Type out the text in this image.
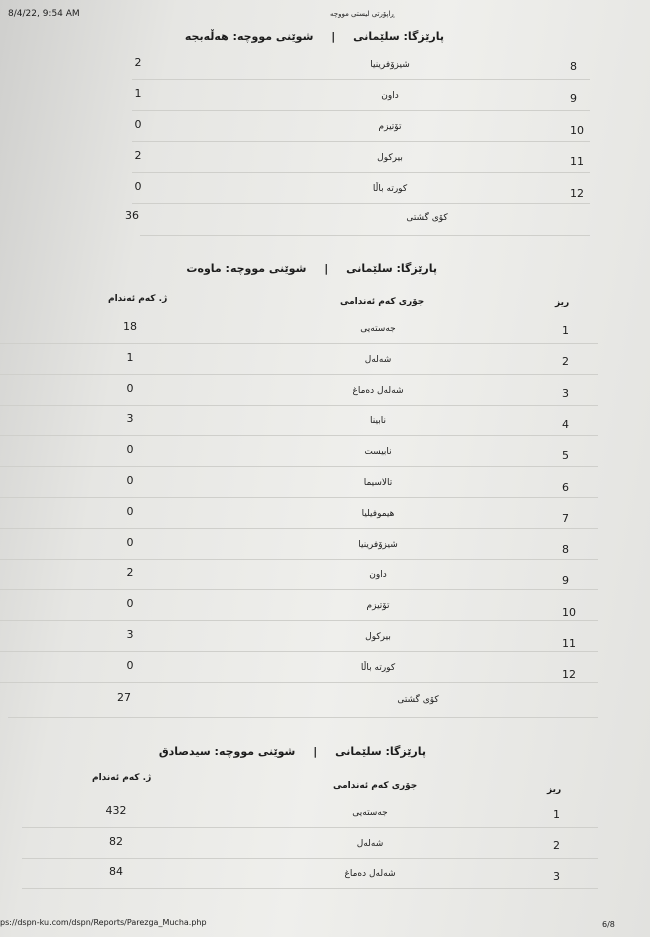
8/4/22, 9:54 AM	ڕاپۆرتی لیستی مووچە
پارێزگا: سلێمانی | شوێنی مووچە: هەڵەبجە
8
شیزۆفرینیا
2
9
داون
1
10
تۆتیزم
0
11
بیرکول
2
12
کورتە باڵا
0
کۆی گشتی
36
پارێزگا: سلێمانی | شوێنی مووچە: ماوەت
ریز
جۆری کەم ئەندامی
ژ. کەم ئەندام
1
جەستەیی
18
2
شەلەل
1
3
شەلەل دەماغ
0
4
نابینا
3
5
نابیست
0
6
تالاسیما
0
7
هیموفیلیا
0
8
شیزۆفرینیا
0
9
داون
2
10
تۆتیزم
0
11
بیرکول
3
12
کورتە باڵا
0
کۆی گشتی
27
پارێزگا: سلێمانی | شوێنی مووچە: سیدصادق
ریز
جۆری کەم ئەندامی
ژ. کەم ئەندام
1
جەستەیی
432
2
شەلەل
82
3
شەلەل دەماغ
84
ps://dspn-ku.com/dspn/Reports/Parezga_Mucha.php	6/8
